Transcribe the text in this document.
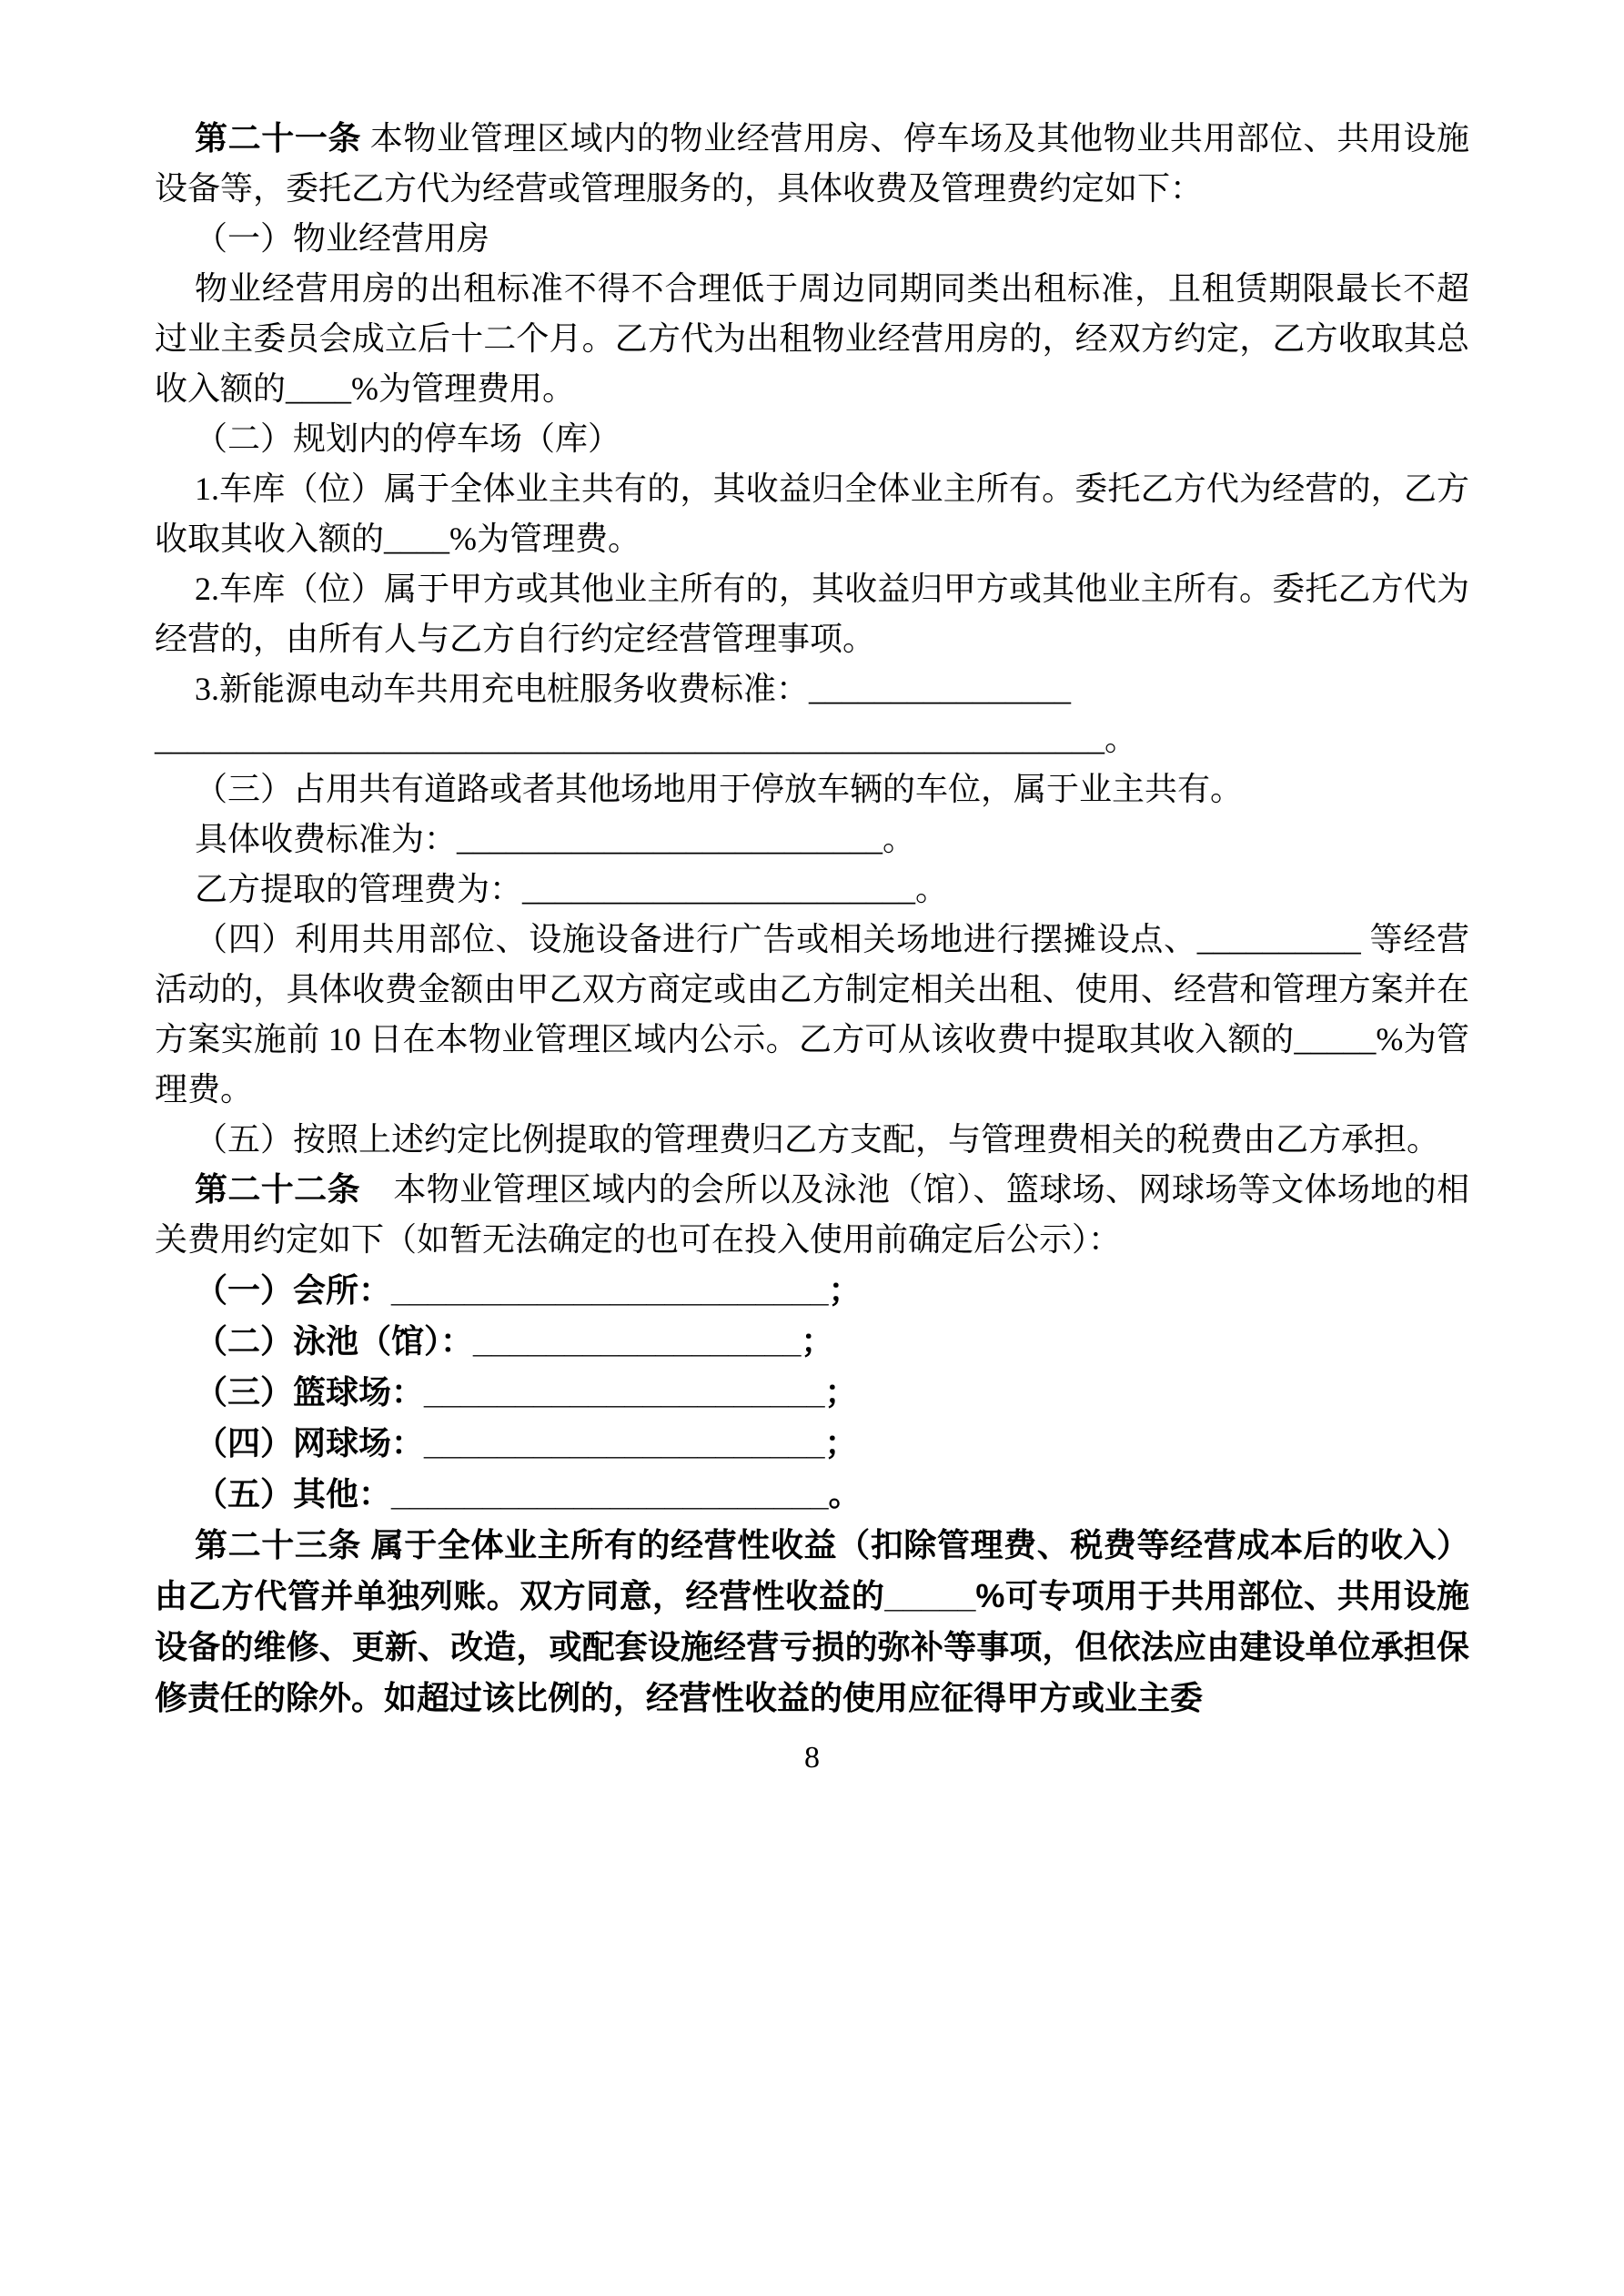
第二十一条 本物业管理区域内的物业经营用房、停车场及其他物业共用部位、共用设施设备等，委托乙方代为经营或管理服务的，具体收费及管理费约定如下：

（一）物业经营用房

物业经营用房的出租标准不得不合理低于周边同期同类出租标准，且租赁期限最长不超过业主委员会成立后十二个月。乙方代为出租物业经营用房的，经双方约定，乙方收取其总收入额的____%为管理费用。

（二）规划内的停车场（库）

1.车库（位）属于全体业主共有的，其收益归全体业主所有。委托乙方代为经营的，乙方收取其收入额的____%为管理费。

2.车库（位）属于甲方或其他业主所有的，其收益归甲方或其他业主所有。委托乙方代为经营的，由所有人与乙方自行约定经营管理事项。

3.新能源电动车共用充电桩服务收费标准：________________

__________________________________________________________。

（三）占用共有道路或者其他场地用于停放车辆的车位，属于业主共有。

具体收费标准为：__________________________。

乙方提取的管理费为：________________________。

（四）利用共用部位、设施设备进行广告或相关场地进行摆摊设点、__________ 等经营活动的，具体收费金额由甲乙双方商定或由乙方制定相关出租、使用、经营和管理方案并在方案实施前 10 日在本物业管理区域内公示。乙方可从该收费中提取其收入额的_____%为管理费。

（五）按照上述约定比例提取的管理费归乙方支配，与管理费相关的税费由乙方承担。

第二十二条　本物业管理区域内的会所以及泳池（馆）、篮球场、网球场等文体场地的相关费用约定如下（如暂无法确定的也可在投入使用前确定后公示）：

（一）会所：________________________；

（二）泳池（馆）：__________________；

（三）篮球场：______________________；

（四）网球场：______________________；

（五）其他：________________________。

第二十三条 属于全体业主所有的经营性收益（扣除管理费、税费等经营成本后的收入）由乙方代管并单独列账。双方同意，经营性收益的_____%可专项用于共用部位、共用设施设备的维修、更新、改造，或配套设施经营亏损的弥补等事项，但依法应由建设单位承担保修责任的除外。如超过该比例的，经营性收益的使用应征得甲方或业主委

8
